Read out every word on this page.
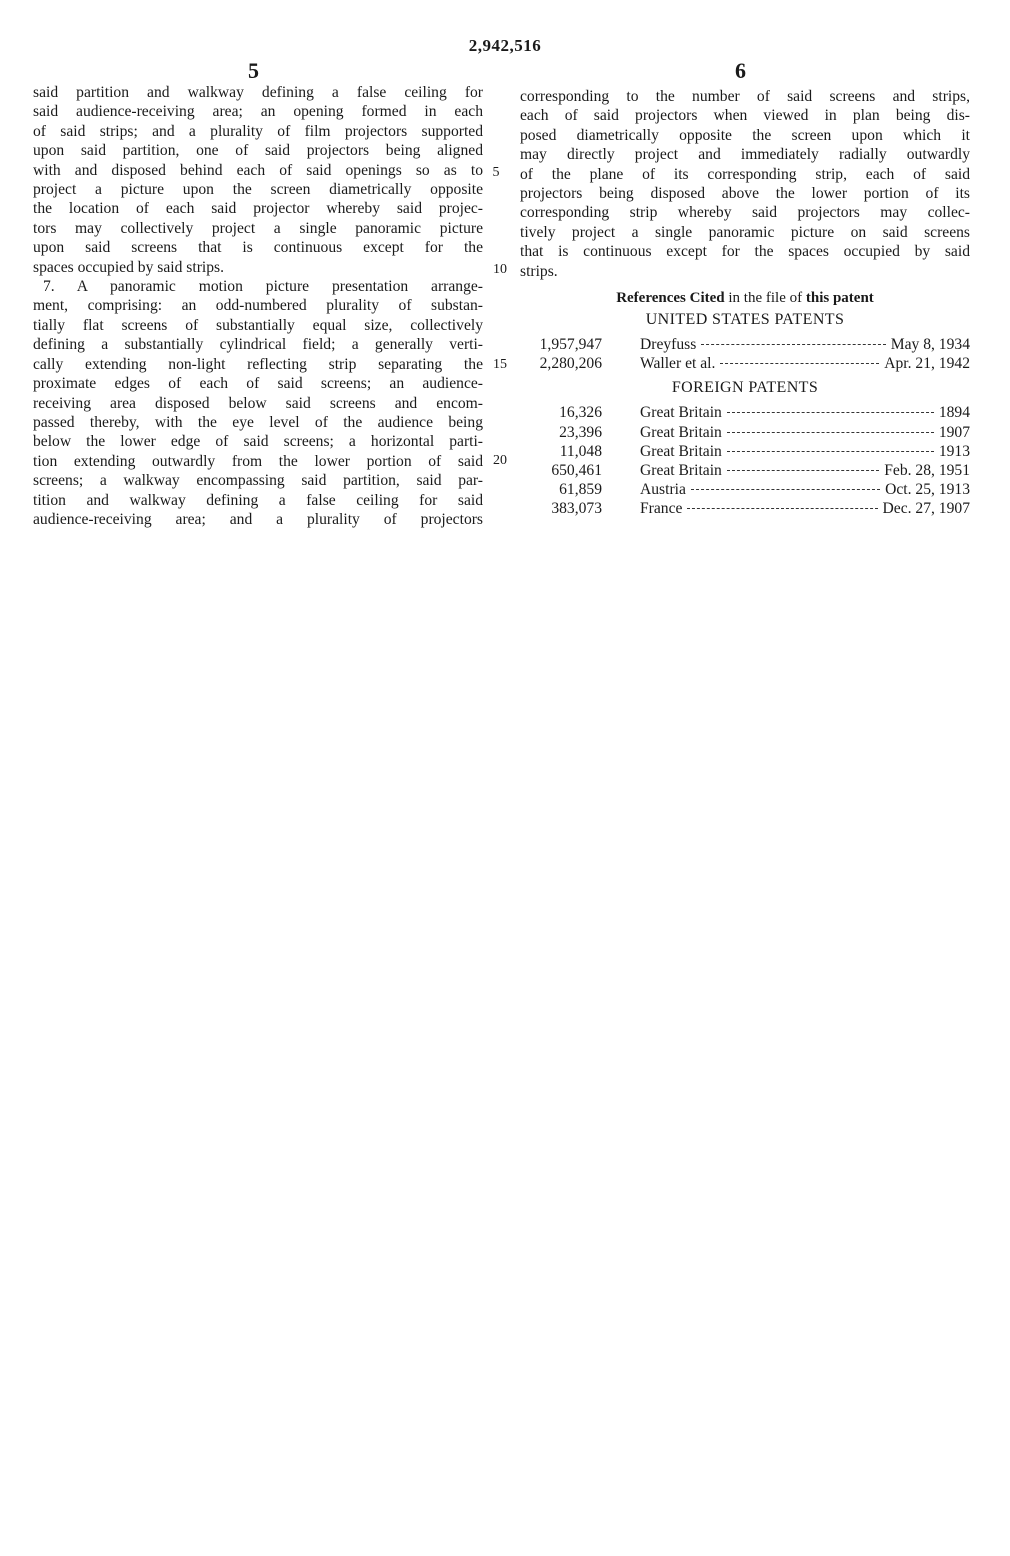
2,942,516
5	6
said partition and walkway defining a false ceiling for
said audience-receiving area; an opening formed in each
of said strips; and a plurality of film projectors supported
upon said partition, one of said projectors being aligned
with and disposed behind each of said openings so as to
project a picture upon the screen diametrically opposite
the location of each said projector whereby said projec-
tors may collectively project a single panoramic picture
upon said screens that is continuous except for the
spaces occupied by said strips.
7. A panoramic motion picture presentation arrange-
ment, comprising: an odd-numbered plurality of substan-
tially flat screens of substantially equal size, collectively
defining a substantially cylindrical field; a generally verti-
cally extending non-light reflecting strip separating the
proximate edges of each of said screens; an audience-
receiving area disposed below said screens and encom-
passed thereby, with the eye level of the audience being
below the lower edge of said screens; a horizontal parti-
tion extending outwardly from the lower portion of said
screens; a walkway encompassing said partition, said par-
tition and walkway defining a false ceiling for said
audience-receiving area; and a plurality of projectors
5
10
15
20
corresponding to the number of said screens and strips,
each of said projectors when viewed in plan being dis-
posed diametrically opposite the screen upon which it
may directly project and immediately radially outwardly
of the plane of its corresponding strip, each of said
projectors being disposed above the lower portion of its
corresponding strip whereby said projectors may collec-
tively project a single panoramic picture on said screens
that is continuous except for the spaces occupied by said
strips.
References Cited in the file of this patent
UNITED STATES PATENTS
1,957,947	Dreyfuss	May 8, 1934
2,280,206	Waller et al.	Apr. 21, 1942
FOREIGN PATENTS
16,326	Great Britain	1894
23,396	Great Britain	1907
11,048	Great Britain	1913
650,461	Great Britain	Feb. 28, 1951
61,859	Austria	Oct. 25, 1913
383,073	France	Dec. 27, 1907
